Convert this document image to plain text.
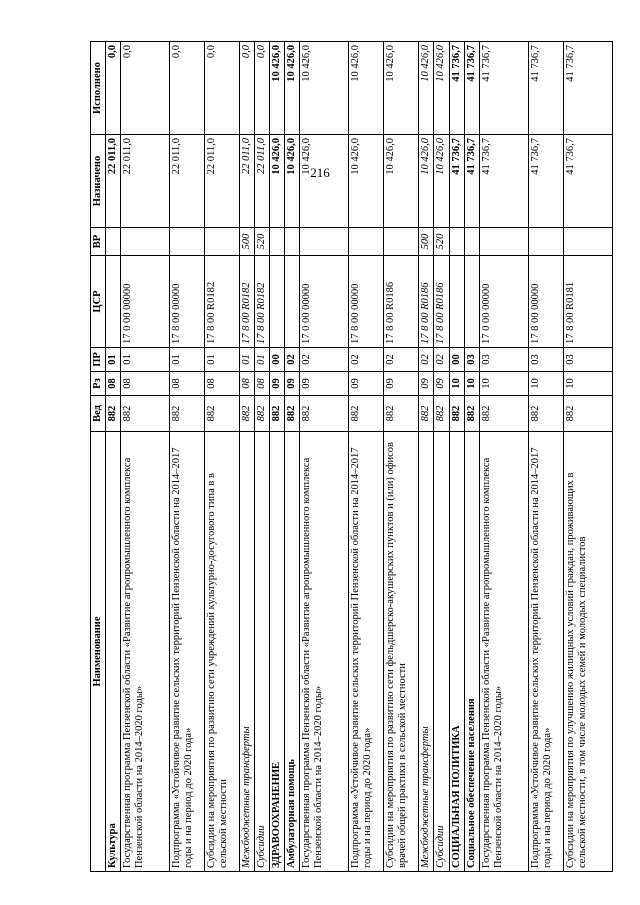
216
Наименование	Вед	Рз	ПР	ЦСР	ВР	Назначено	Исполнено
Культура	882	08	01			22 011,0	0,0
Государственная программа Пензенской области «Развитие агропромышленного комплекса Пензенской области на 2014–2020 годы»	882	08	01	17 0 00 00000		22 011,0	0,0
Подпрограмма «Устойчивое развитие сельских территорий Пензенской области на 2014–2017 годы и на период до 2020 года»	882	08	01	17 8 00 00000		22 011,0	0,0
Субсидии на мероприятия по развитию сети учреждений культурно-досугового типа в в сельской местности	882	08	01	17 8 00 R0182		22 011,0	0,0
Межбюджетные трансферты	882	08	01	17 8 00 R0182	500	22 011,0	0,0
Субсидии	882	08	01	17 8 00 R0182	520	22 011,0	0,0
ЗДРАВООХРАНЕНИЕ	882	09	00			10 426,0	10 426,0
Амбулаторная помощь	882	09	02			10 426,0	10 426,0
Государственная программа Пензенской области «Развитие агропромышленного комплекса Пензенской области на 2014–2020 годы»	882	09	02	17 0 00 00000		10 426,0	10 426,0
Подпрограмма «Устойчивое развитие сельских территорий Пензенской области на 2014–2017 годы и на период до 2020 года»	882	09	02	17 8 00 00000		10 426,0	10 426,0
Субсидии на мероприятия по развитию сети фельдшерско-акушерских пунктов и (или) офисов врачей общей практики в сельской местности	882	09	02	17 8 00 R0186		10 426,0	10 426,0
Межбюджетные трансферты	882	09	02	17 8 00 R0186	500	10 426,0	10 426,0
Субсидии	882	09	02	17 8 00 R0186	520	10 426,0	10 426,0
СОЦИАЛЬНАЯ ПОЛИТИКА	882	10	00			41 736,7	41 736,7
Социальное обеспечение населения	882	10	03			41 736,7	41 736,7
Государственная программа Пензенской области «Развитие агропромышленного комплекса Пензенской области на 2014–2020 годы»	882	10	03	17 0 00 00000		41 736,7	41 736,7
Подпрограмма «Устойчивое развитие сельских территорий Пензенской области на 2014–2017 годы и на период до 2020 года»	882	10	03	17 8 00 00000		41 736,7	41 736,7
Субсидии на мероприятия по улучшению жилищных условий граждан, проживающих в сельской местности, в том числе молодых семей и молодых специалистов	882	10	03	17 8 00 R0181		41 736,7	41 736,7
